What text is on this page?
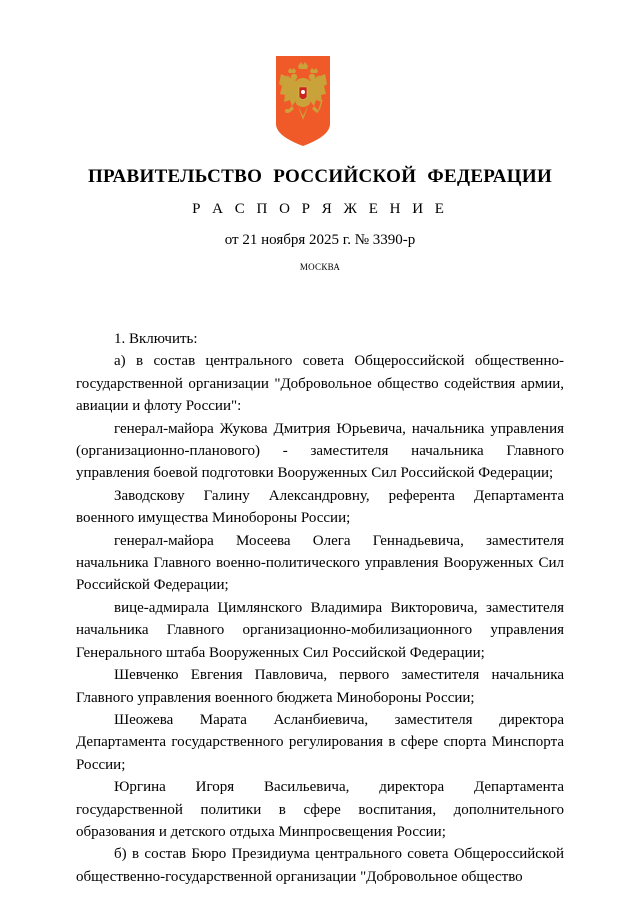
ПРАВИТЕЛЬСТВО РОССИЙСКОЙ ФЕДЕРАЦИИ
Р А С П О Р Я Ж Е Н И Е
от 21 ноября 2025 г. № 3390-р
МОСКВА

1. Включить:

а) в состав центрального совета Общероссийской общественно-государственной организации "Добровольное общество содействия армии, авиации и флоту России":

генерал-майора Жукова Дмитрия Юрьевича, начальника управления (организационно-планового) - заместителя начальника Главного управления боевой подготовки Вооруженных Сил Российской Федерации;

Заводскову Галину Александровну, референта Департамента военного имущества Минобороны России;

генерал-майора Мосеева Олега Геннадьевича, заместителя начальника Главного военно-политического управления Вооруженных Сил Российской Федерации;

вице-адмирала Цимлянского Владимира Викторовича, заместителя начальника Главного организационно-мобилизационного управления Генерального штаба Вооруженных Сил Российской Федерации;

Шевченко Евгения Павловича, первого заместителя начальника Главного управления военного бюджета Минобороны России;

Шеожева Марата Асланбиевича, заместителя директора Департамента государственного регулирования в сфере спорта Минспорта России;

Юргина Игоря Васильевича, директора Департамента государственной политики в сфере воспитания, дополнительного образования и детского отдыха Минпросвещения России;

б) в состав Бюро Президиума центрального совета Общероссийской общественно-государственной организации "Добровольное общество
